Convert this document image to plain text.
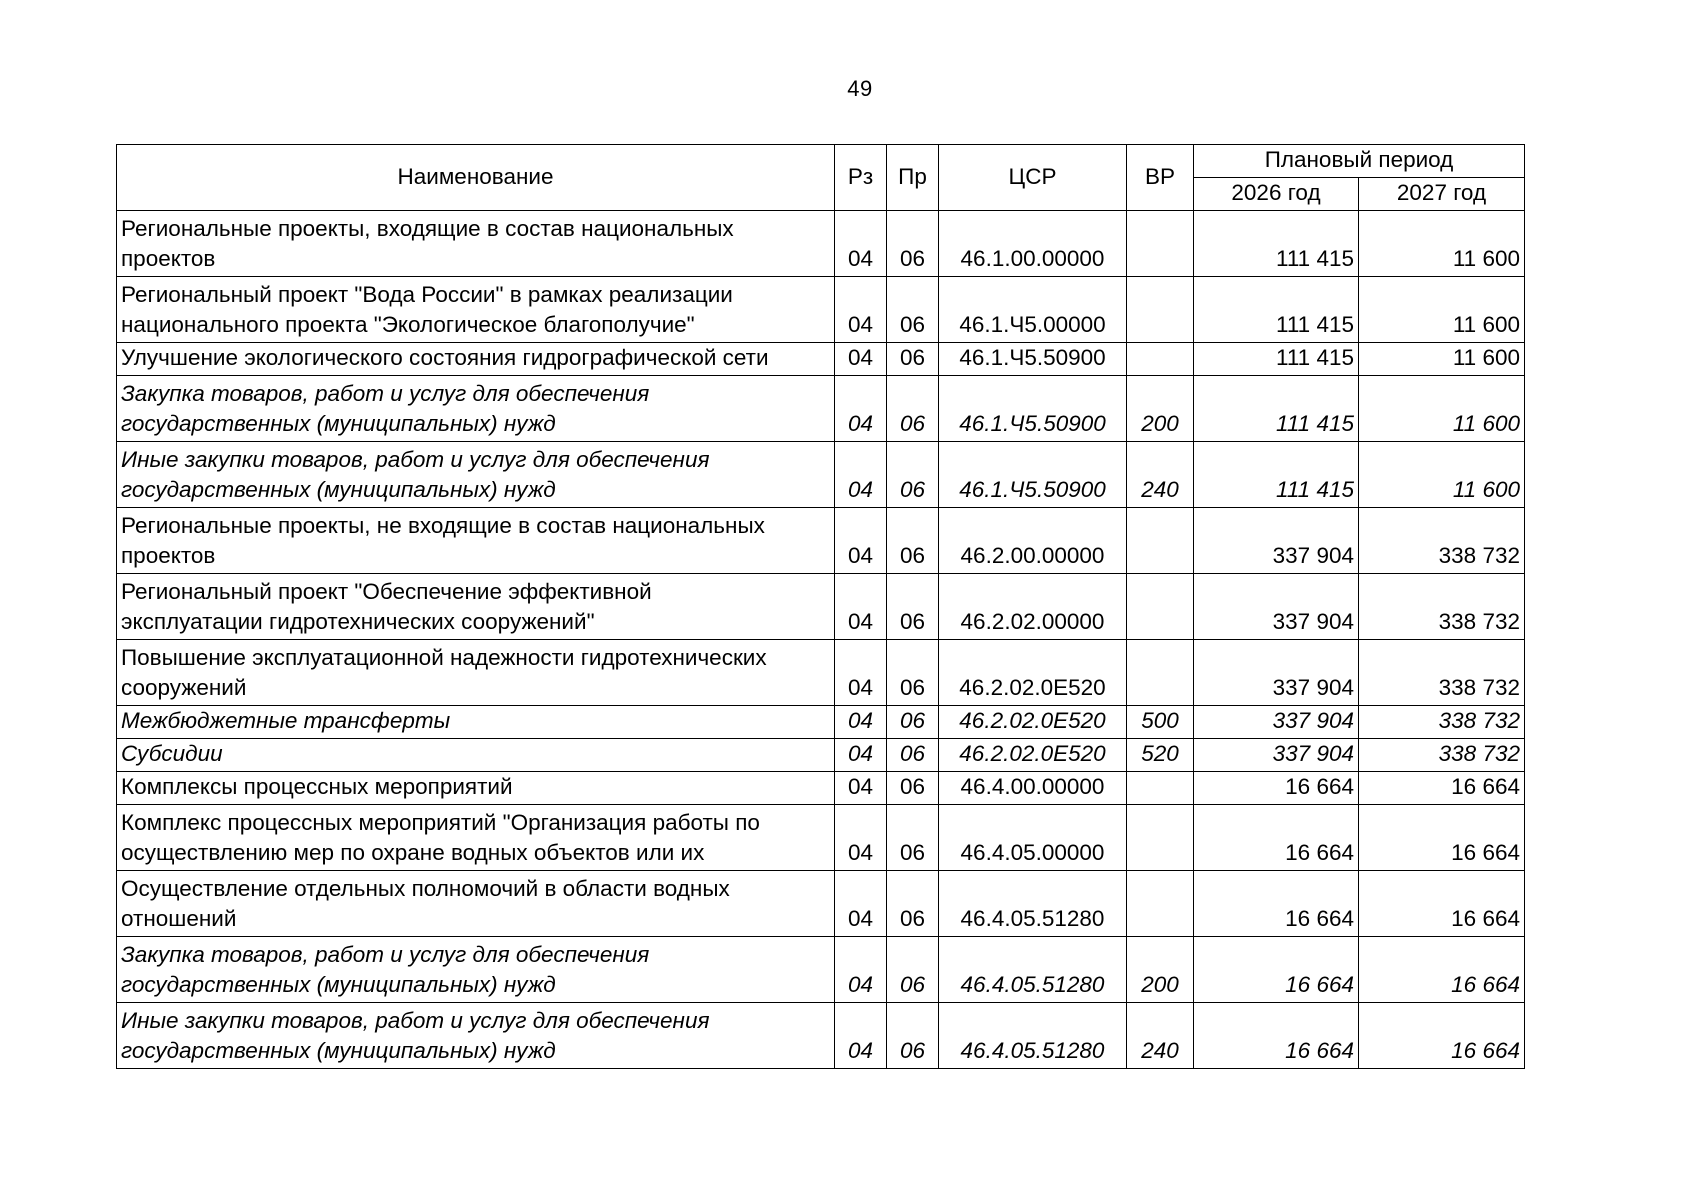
49
Наименование	Рз	Пр	ЦСР	ВР	Плановый период	
					2026 год	2027 год
Региональные проекты, входящие в состав национальных
проектов	04	06	46.1.00.00000		111 415	11 600
Региональный проект "Вода России" в рамках реализации
национального проекта "Экологическое благополучие"	04	06	46.1.Ч5.00000		111 415	11 600
Улучшение экологического состояния гидрографической сети	04	06	46.1.Ч5.50900		111 415	11 600
Закупка товаров, работ и услуг для обеспечения
государственных (муниципальных) нужд	04	06	46.1.Ч5.50900	200	111 415	11 600
Иные закупки товаров, работ и услуг для обеспечения
государственных (муниципальных) нужд	04	06	46.1.Ч5.50900	240	111 415	11 600
Региональные проекты, не входящие в состав национальных
проектов	04	06	46.2.00.00000		337 904	338 732
Региональный проект "Обеспечение эффективной
эксплуатации гидротехнических сооружений"	04	06	46.2.02.00000		337 904	338 732
Повышение эксплуатационной надежности гидротехнических
сооружений	04	06	46.2.02.0Е520		337 904	338 732
Межбюджетные трансферты	04	06	46.2.02.0Е520	500	337 904	338 732
Субсидии	04	06	46.2.02.0Е520	520	337 904	338 732
Комплексы процессных мероприятий	04	06	46.4.00.00000		16 664	16 664
Комплекс процессных мероприятий "Организация работы по
осуществлению мер по охране водных объектов или их	04	06	46.4.05.00000		16 664	16 664
Осуществление отдельных полномочий в области водных
отношений	04	06	46.4.05.51280		16 664	16 664
Закупка товаров, работ и услуг для обеспечения
государственных (муниципальных) нужд	04	06	46.4.05.51280	200	16 664	16 664
Иные закупки товаров, работ и услуг для обеспечения
государственных (муниципальных) нужд	04	06	46.4.05.51280	240	16 664	16 664
